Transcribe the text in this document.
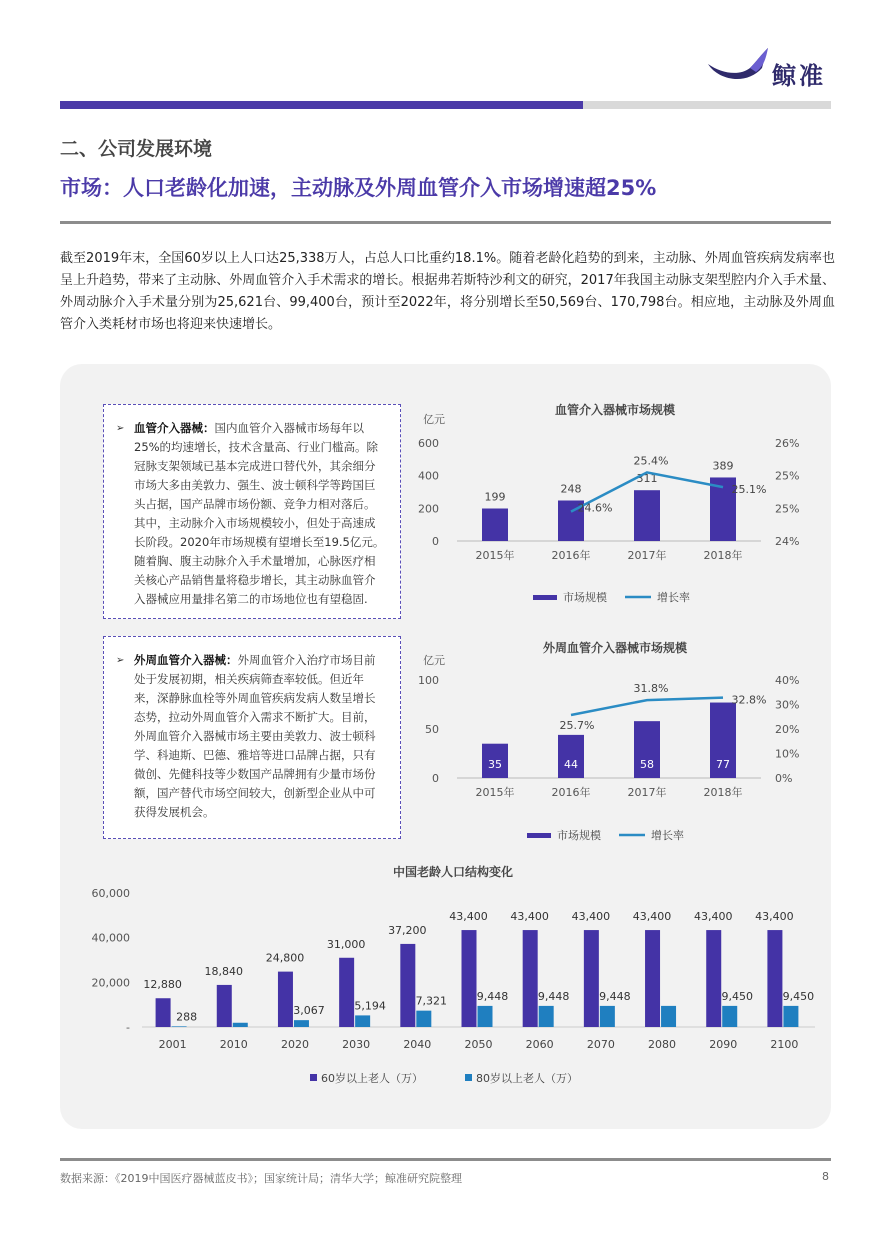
鲸准
二、公司发展环境
市场：人口老龄化加速，主动脉及外周血管介入市场增速超25%
截至2019年末，全国60岁以上人口达25,338万人，占总人口比重约18.1%。随着老龄化趋势的到来，主动脉、外周血管疾病发病率也呈上升趋势，带来了主动脉、外周血管介入手术需求的增长。根据弗若斯特沙利文的研究，2017年我国主动脉支架型腔内介入手术量、外周动脉介入手术量分别为25,621台、99,400台，预计至2022年，将分别增长至50,569台、170,798台。相应地，主动脉及外周血管介入类耗材市场也将迎来快速增长。
➢ 血管介入器械：国内血管介入器械市场每年以25%的均速增长，技术含量高、行业门槛高。除冠脉支架领域已基本完成进口替代外，其余细分市场大多由美敦力、强生、波士顿科学等跨国巨头占据，国产品牌市场份额、竞争力相对落后。其中，主动脉介入市场规模较小，但处于高速成长阶段。2020年市场规模有望增长至19.5亿元。随着胸、腹主动脉介入手术量增加，心脉医疗相关核心产品销售量将稳步增长，其主动脉血管介入器械应用量排名第二的市场地位也有望稳固.
➢ 外周血管介入器械：外周血管介入治疗市场目前处于发展初期，相关疾病筛查率较低。但近年来，深静脉血栓等外周血管疾病发病人数呈增长态势，拉动外周血管介入需求不断扩大。目前，外周血管介入器械市场主要由美敦力、波士顿科学、科迪斯、巴德、雅培等进口品牌占据，只有微创、先健科技等少数国产品牌拥有少量市场份额，国产替代市场空间较大，创新型企业从中可获得发展机会。
血管介入器械市场规模
亿元
0
200
400
600
24%
25%
25%
26%
199
2015年
248
2016年
311
2017年
389
2018年
24.6%
25.4%
25.1%
市场规模	增长率
外周血管介入器械市场规模
亿元
0
50
100
0%
10%
20%
30%
40%
35
2015年
44
2016年
58
2017年
77
2018年
25.7%
31.8%
32.8%
市场规模	增长率
中国老龄人口结构变化
-
20,000
40,000
60,000
12,880
288
2001
18,840
2010
24,800
3,067
2020
31,000
5,194
2030
37,200
7,321
2040
43,400
9,448
2050
43,400
9,448
2060
43,400
9,448
2070
43,400
2080
43,400
9,450
2090
43,400
9,450
2100
60岁以上老人（万）	80岁以上老人（万）
数据来源：《2019中国医疗器械蓝皮书》；国家统计局；清华大学；鲸准研究院整理	8
